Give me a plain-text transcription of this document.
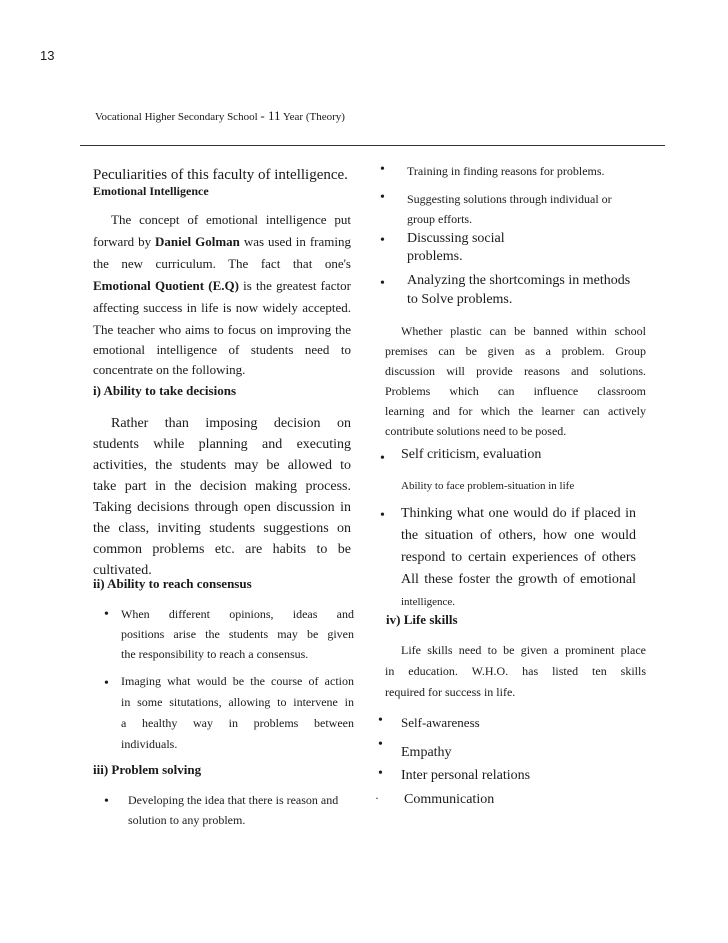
13
Vocational Higher Secondary School - 11 Year (Theory)

Peculiarities of this faculty of intelligence.

Emotional Intelligence

The concept of emotional intelligence put

forward by Daniel Golman was used in framing

the new curriculum. The fact that one's

Emotional Quotient (E.Q) is the greatest factor

affecting success in life is now widely accepted.

The teacher who aims to focus on improving the

emotional intelligence of students need to

concentrate on the following.

i) Ability to take decisions

Rather than imposing decision on

students while planning and executing

activities, the students may be allowed to

take part in the decision making process.

Taking decisions through open discussion in

the class, inviting students suggestions on

common problems etc. are habits to be

cultivated.

ii) Ability to reach consensus

• When different opinions, ideas and

positions arise the students may be given

the responsibility to reach a consensus.

• Imaging what would be the course of action

in some situtations, allowing to intervene in

a healthy way in problems between

individuals.

iii) Problem solving

• Developing the idea that there is reason and

solution to any problem.

• Training in finding reasons for problems.

• Suggesting solutions through individual or

group efforts.

• Discussing social

problems.

• Analyzing the shortcomings in methods

to Solve problems.

Whether plastic can be banned within school

premises can be given as a problem. Group

discussion will provide reasons and solutions.

Problems which can influence classroom

learning and for which the learner can actively

contribute solutions need to be posed.

• Self criticism, evaluation

Ability to face problem-situation in life

• Thinking what one would do if placed in

the situation of others, how one would

respond to certain experiences of others

All these foster the growth of emotional

intelligence.

iv) Life skills

Life skills need to be given a prominent place

in education. W.H.O. has listed ten skills

required for success in life.

• Self-awareness

•

Empathy

• Inter personal relations

· Communication
